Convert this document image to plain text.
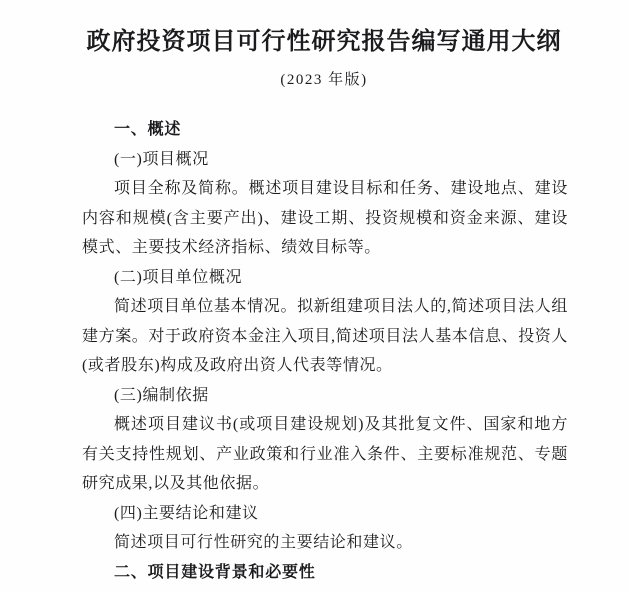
政府投资项目可行性研究报告编写通用大纲

(2023 年版)

一、概述

(一)项目概况

项目全称及简称。概述项目建设目标和任务、建设地点、建设内容和规模(含主要产出)、建设工期、投资规模和资金来源、建设模式、主要技术经济指标、绩效目标等。

(二)项目单位概况

简述项目单位基本情况。拟新组建项目法人的,简述项目法人组建方案。对于政府资本金注入项目,简述项目法人基本信息、投资人(或者股东)构成及政府出资人代表等情况。

(三)编制依据

概述项目建议书(或项目建设规划)及其批复文件、国家和地方有关支持性规划、产业政策和行业准入条件、主要标准规范、专题研究成果,以及其他依据。

(四)主要结论和建议

简述项目可行性研究的主要结论和建议。

二、项目建设背景和必要性
